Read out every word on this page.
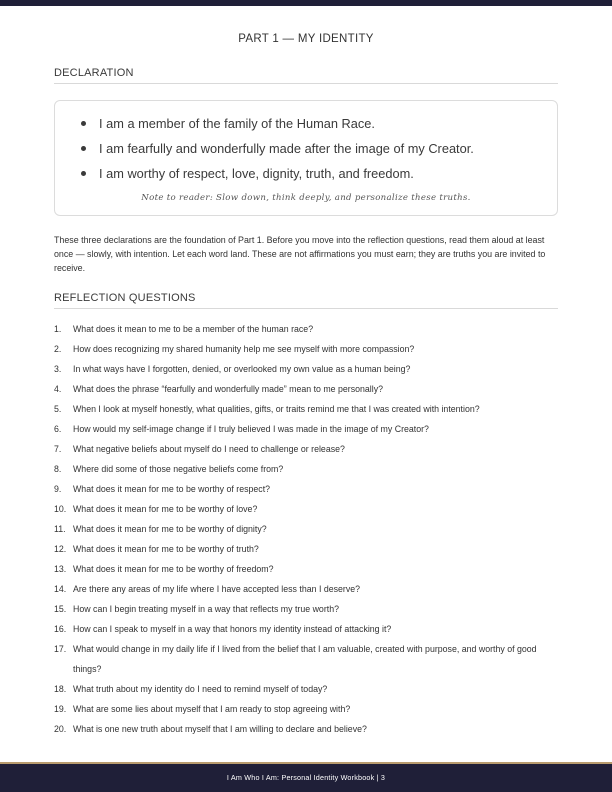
PART 1 — MY IDENTITY
DECLARATION
I am a member of the family of the Human Race.
I am fearfully and wonderfully made after the image of my Creator.
I am worthy of respect, love, dignity, truth, and freedom.
Note to reader: Slow down, think deeply, and personalize these truths.

These three declarations are the foundation of Part 1. Before you move into the reflection questions, read them aloud at least once — slowly, with intention. Let each word land. These are not affirmations you must earn; they are truths you are invited to receive.

REFLECTION QUESTIONS
1.	What does it mean to me to be a member of the human race?
2.	How does recognizing my shared humanity help me see myself with more compassion?
3.	In what ways have I forgotten, denied, or overlooked my own value as a human being?
4.	What does the phrase “fearfully and wonderfully made” mean to me personally?
5.	When I look at myself honestly, what qualities, gifts, or traits remind me that I was created with intention?
6.	How would my self-image change if I truly believed I was made in the image of my Creator?
7.	What negative beliefs about myself do I need to challenge or release?
8.	Where did some of those negative beliefs come from?
9.	What does it mean for me to be worthy of respect?
10. What does it mean for me to be worthy of love?
11. What does it mean for me to be worthy of dignity?
12. What does it mean for me to be worthy of truth?
13. What does it mean for me to be worthy of freedom?
14. Are there any areas of my life where I have accepted less than I deserve?
15. How can I begin treating myself in a way that reflects my true worth?
16. How can I speak to myself in a way that honors my identity instead of attacking it?
17. What would change in my daily life if I lived from the belief that I am valuable, created with purpose, and worthy of good things?
18. What truth about my identity do I need to remind myself of today?
19. What are some lies about myself that I am ready to stop agreeing with?
20. What is one new truth about myself that I am willing to declare and believe?
I Am Who I Am: Personal Identity Workbook | 3
